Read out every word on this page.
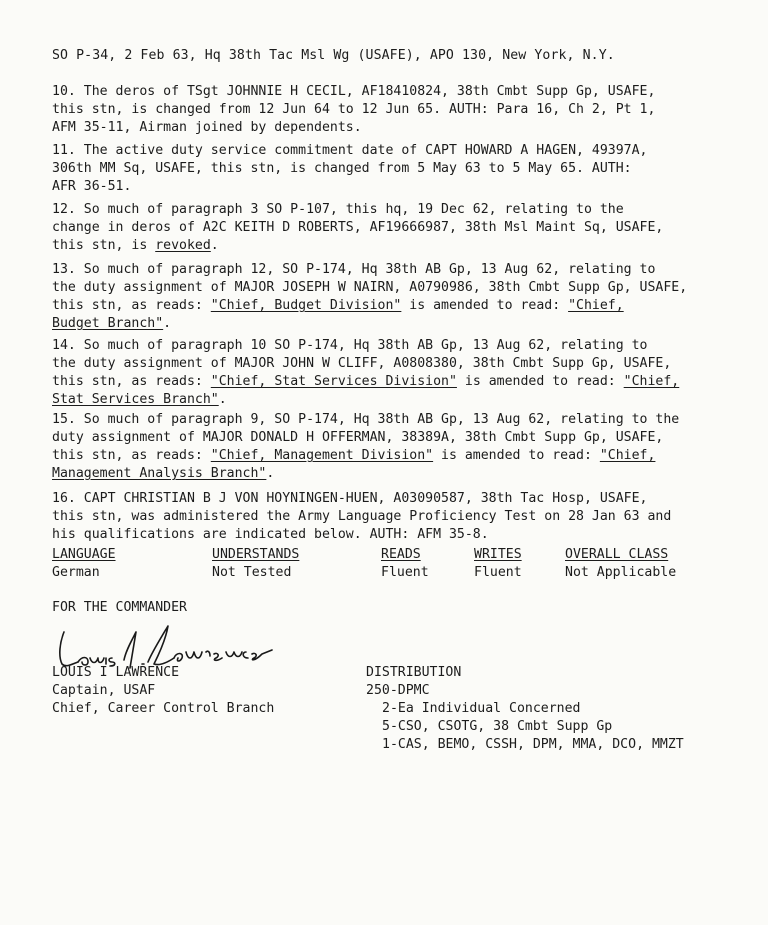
SO P-34, 2 Feb 63, Hq 38th Tac Msl Wg (USAFE), APO 130, New York, N.Y.
10. The deros of TSgt JOHNNIE H CECIL, AF18410824, 38th Cmbt Supp Gp, USAFE,
this stn, is changed from 12 Jun 64 to 12 Jun 65. AUTH: Para 16, Ch 2, Pt 1,
AFM 35-11, Airman joined by dependents.
11. The active duty service commitment date of CAPT HOWARD A HAGEN, 49397A,
306th MM Sq, USAFE, this stn, is changed from 5 May 63 to 5 May 65. AUTH:
AFR 36-51.
12. So much of paragraph 3 SO P-107, this hq, 19 Dec 62, relating to the
change in deros of A2C KEITH D ROBERTS, AF19666987, 38th Msl Maint Sq, USAFE,
this stn, is revoked.
13. So much of paragraph 12, SO P-174, Hq 38th AB Gp, 13 Aug 62, relating to
the duty assignment of MAJOR JOSEPH W NAIRN, A0790986, 38th Cmbt Supp Gp, USAFE,
this stn, as reads: "Chief, Budget Division" is amended to read: "Chief,
Budget Branch".
14. So much of paragraph 10 SO P-174, Hq 38th AB Gp, 13 Aug 62, relating to
the duty assignment of MAJOR JOHN W CLIFF, A0808380, 38th Cmbt Supp Gp, USAFE,
this stn, as reads: "Chief, Stat Services Division" is amended to read: "Chief,
Stat Services Branch".
15. So much of paragraph 9, SO P-174, Hq 38th AB Gp, 13 Aug 62, relating to the
duty assignment of MAJOR DONALD H OFFERMAN, 38389A, 38th Cmbt Supp Gp, USAFE,
this stn, as reads: "Chief, Management Division" is amended to read: "Chief,
Management Analysis Branch".
16. CAPT CHRISTIAN B J VON HOYNINGEN-HUEN, A03090587, 38th Tac Hosp, USAFE,
this stn, was administered the Army Language Proficiency Test on 28 Jan 63 and
his qualifications are indicated below. AUTH: AFM 35-8.
LANGUAGE
German
UNDERSTANDS
Not Tested
READS
Fluent
WRITES
Fluent
OVERALL CLASS
Not Applicable
FOR THE COMMANDER
LOUIS I LAWRENCE
Captain, USAF
Chief, Career Control Branch
DISTRIBUTION
250-DPMC
2-Ea Individual Concerned
5-CSO, CSOTG, 38 Cmbt Supp Gp
1-CAS, BEMO, CSSH, DPM, MMA, DCO, MMZT
